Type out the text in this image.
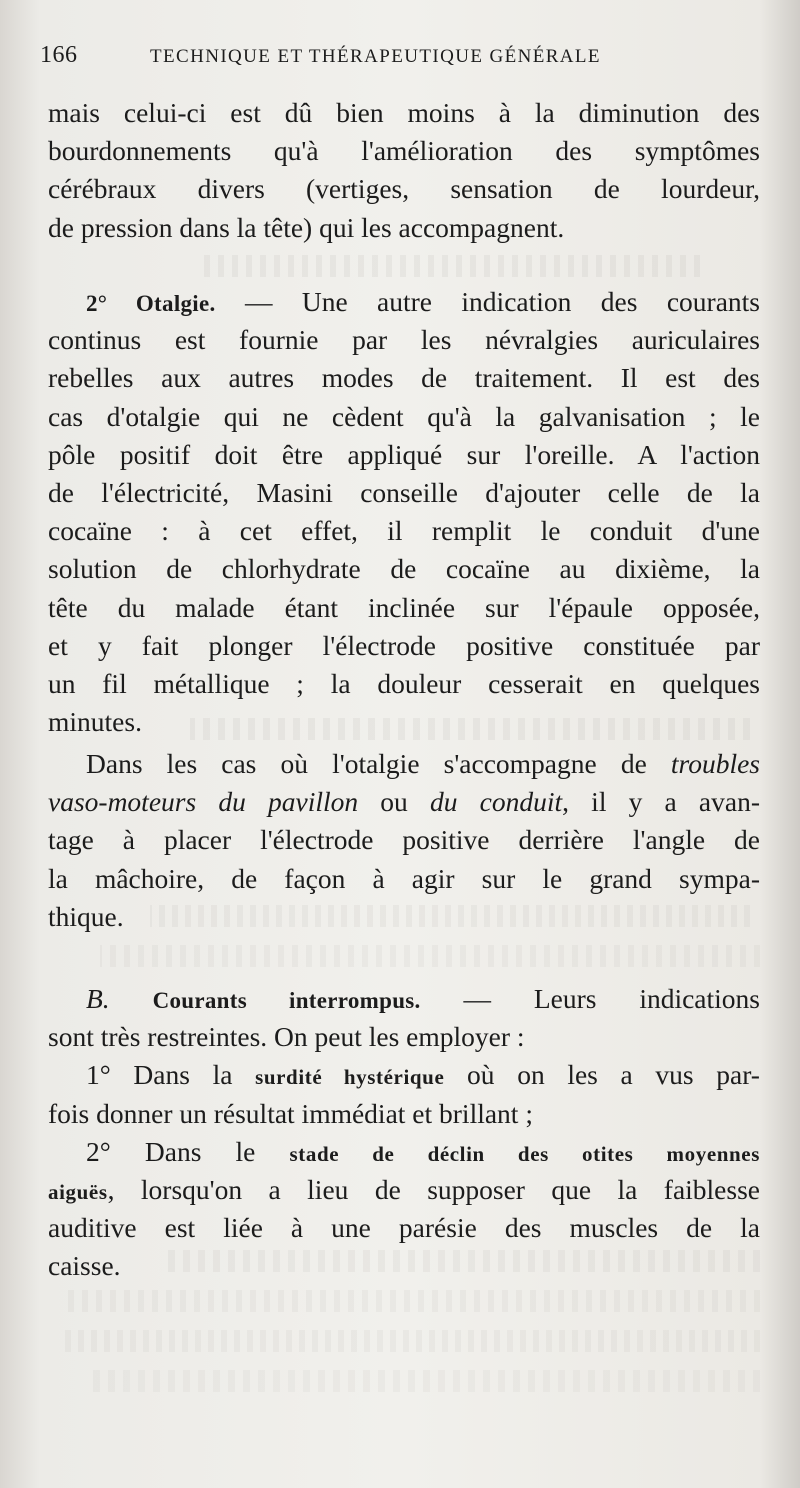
166	TECHNIQUE ET THÉRAPEUTIQUE GÉNÉRALE
mais celui-ci est dû bien moins à la diminution des
bourdonnements qu'à l'amélioration des symptômes
cérébraux divers (vertiges, sensation de lourdeur,
de pression dans la tête) qui les accompagnent.
2° Otalgie. — Une autre indication des courants
continus est fournie par les névralgies auriculaires
rebelles aux autres modes de traitement. Il est des
cas d'otalgie qui ne cèdent qu'à la galvanisation ; le
pôle positif doit être appliqué sur l'oreille. A l'action
de l'électricité, Masini conseille d'ajouter celle de la
cocaïne : à cet effet, il remplit le conduit d'une
solution de chlorhydrate de cocaïne au dixième, la
tête du malade étant inclinée sur l'épaule opposée,
et y fait plonger l'électrode positive constituée par
un fil métallique ; la douleur cesserait en quelques
minutes.
Dans les cas où l'otalgie s'accompagne de troubles
vaso-moteurs du pavillon ou du conduit, il y a avan-
tage à placer l'électrode positive derrière l'angle de
la mâchoire, de façon à agir sur le grand sympa-
thique.
B. Courants interrompus. — Leurs indications
sont très restreintes. On peut les employer :
1° Dans la surdité hystérique où on les a vus par-
fois donner un résultat immédiat et brillant ;
2° Dans le stade de déclin des otites moyennes
aiguës, lorsqu'on a lieu de supposer que la faiblesse
auditive est liée à une parésie des muscles de la
caisse.
